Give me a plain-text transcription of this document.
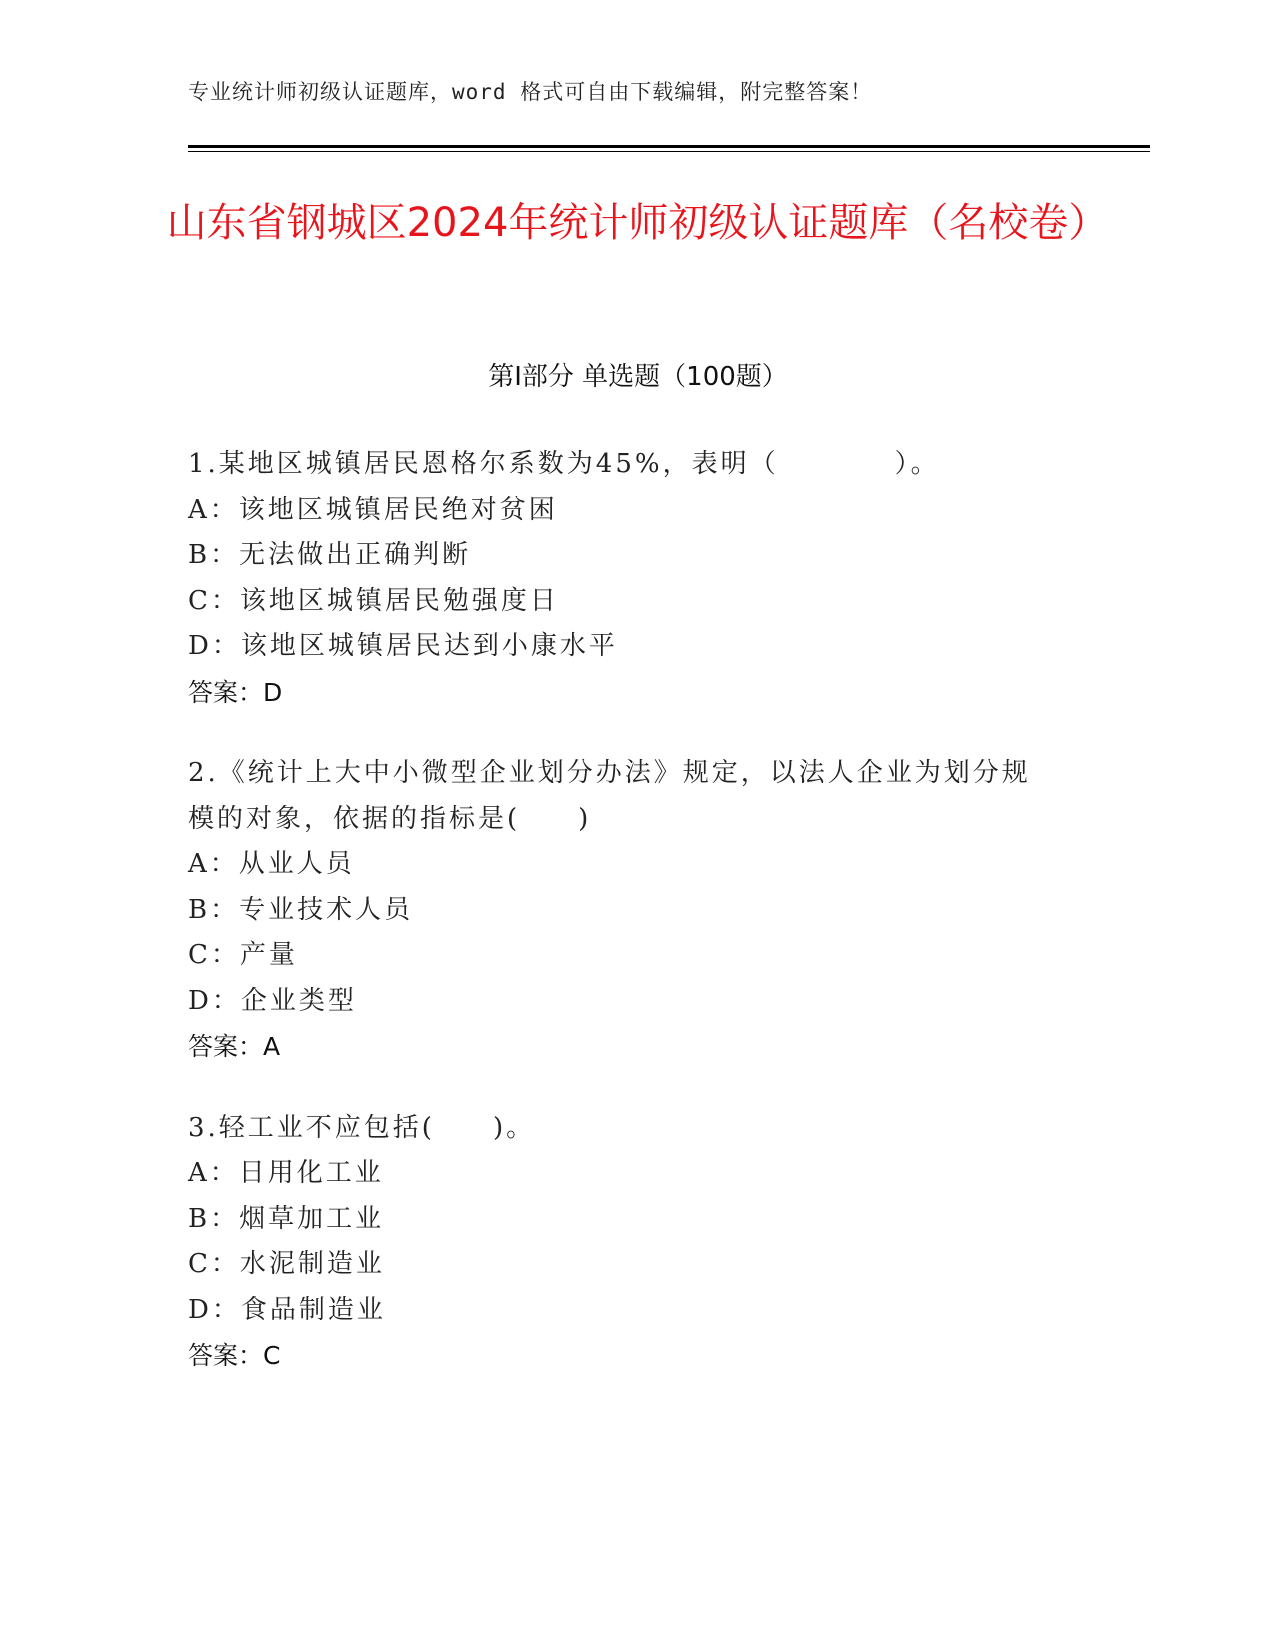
专业统计师初级认证题库，word 格式可自由下载编辑，附完整答案！
山东省钢城区2024年统计师初级认证题库（名校卷）
第Ⅰ部分 单选题（100题）
1.某地区城镇居民恩格尔系数为45%，表明（　　　　）。
A：该地区城镇居民绝对贫困
B：无法做出正确判断
C：该地区城镇居民勉强度日
D：该地区城镇居民达到小康水平
答案：D
2.《统计上大中小微型企业划分办法》规定，以法人企业为划分规模的对象，依据的指标是(　　)
A：从业人员
B：专业技术人员
C：产量
D：企业类型
答案：A
3.轻工业不应包括(　　)。
A：日用化工业
B：烟草加工业
C：水泥制造业
D：食品制造业
答案：C
